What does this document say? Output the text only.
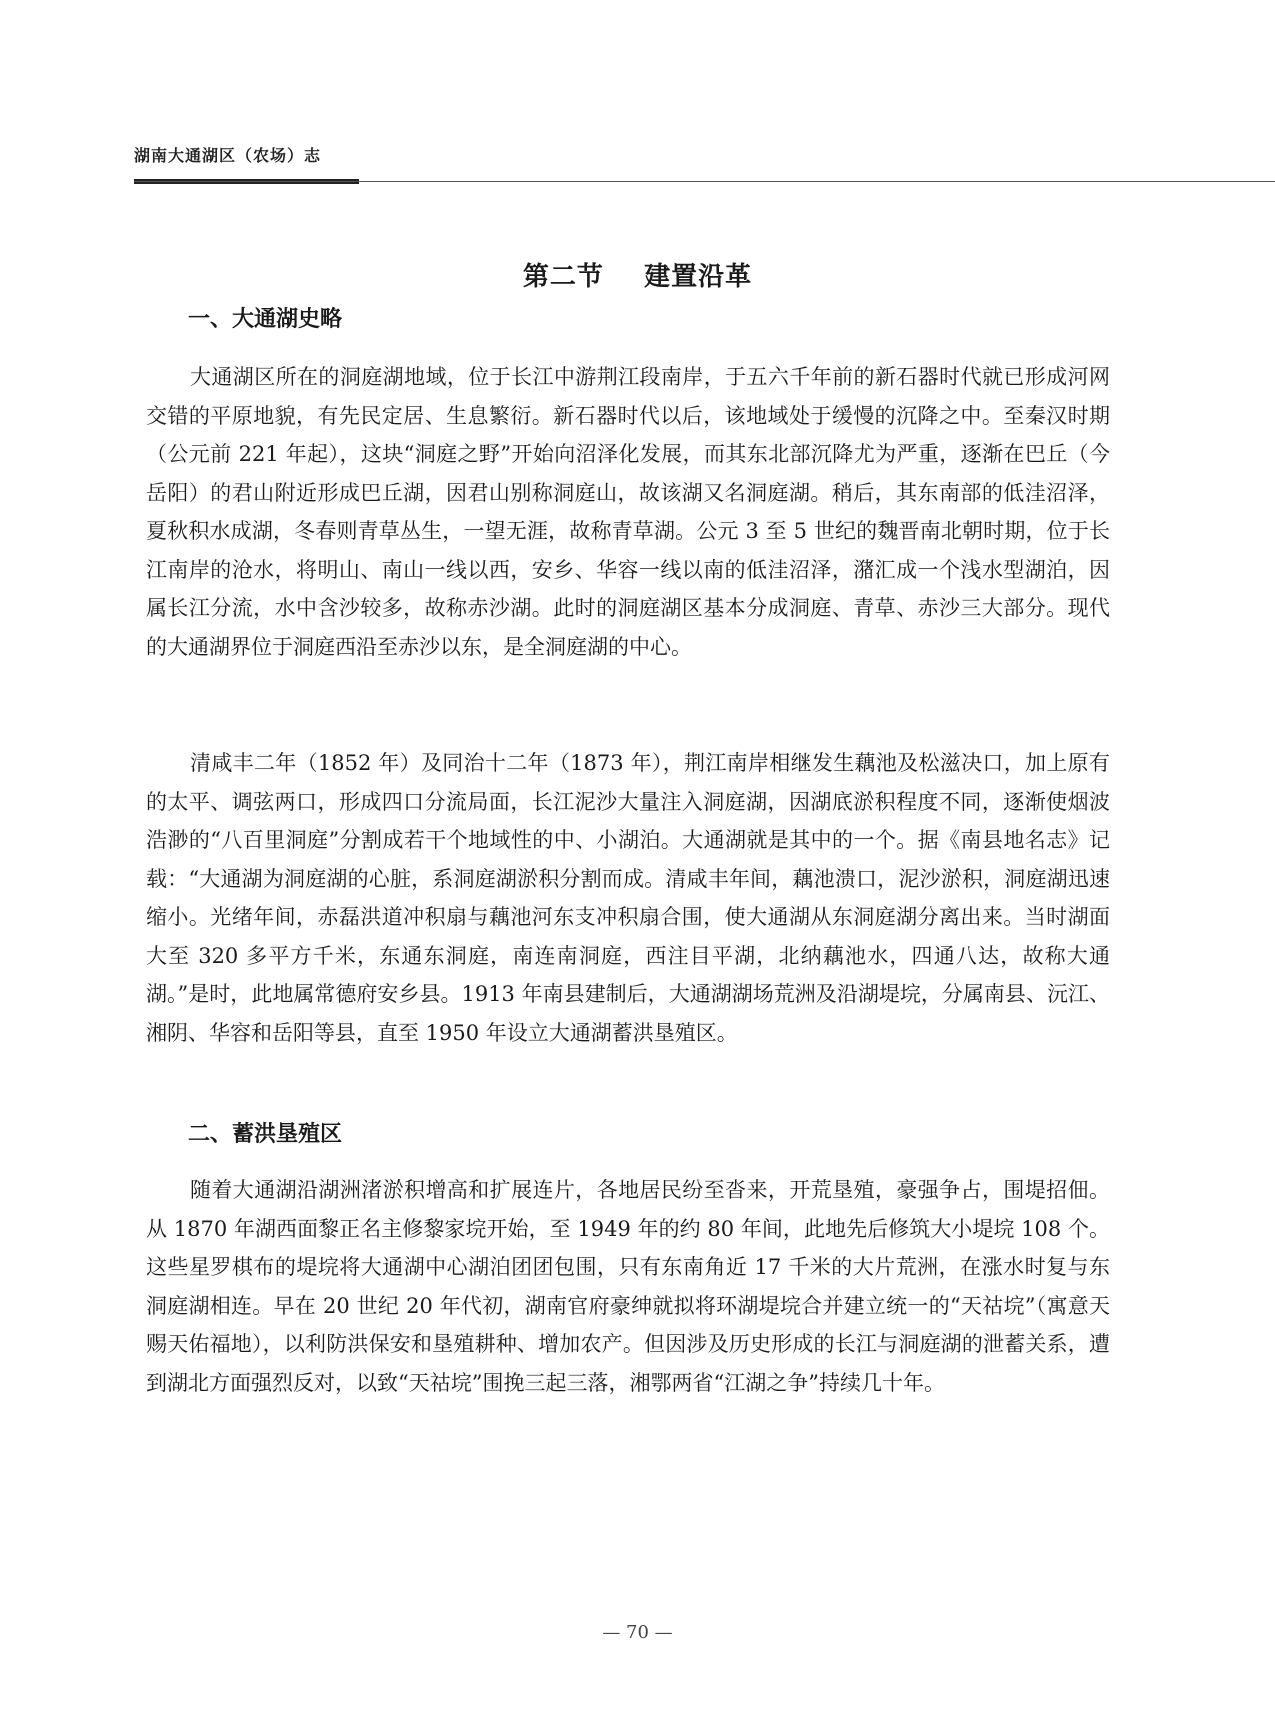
湖南大通湖区（农场）志
第二节    建置沿革
一、大通湖史略

大通湖区所在的洞庭湖地域，位于长江中游荆江段南岸，于五六千年前的新石器时代就已形成河网交错的平原地貌，有先民定居、生息繁衍。新石器时代以后，该地域处于缓慢的沉降之中。至秦汉时期（公元前 221 年起），这块“洞庭之野”开始向沼泽化发展，而其东北部沉降尤为严重，逐渐在巴丘（今岳阳）的君山附近形成巴丘湖，因君山别称洞庭山，故该湖又名洞庭湖。稍后，其东南部的低洼沼泽，夏秋积水成湖，冬春则青草丛生，一望无涯，故称青草湖。公元 3 至 5 世纪的魏晋南北朝时期，位于长江南岸的沧水，将明山、南山一线以西，安乡、华容一线以南的低洼沼泽，潴汇成一个浅水型湖泊，因属长江分流，水中含沙较多，故称赤沙湖。此时的洞庭湖区基本分成洞庭、青草、赤沙三大部分。现代的大通湖界位于洞庭西沿至赤沙以东，是全洞庭湖的中心。

清咸丰二年（1852 年）及同治十二年（1873 年），荆江南岸相继发生藕池及松滋决口，加上原有的太平、调弦两口，形成四口分流局面，长江泥沙大量注入洞庭湖，因湖底淤积程度不同，逐渐使烟波浩渺的“八百里洞庭”分割成若干个地域性的中、小湖泊。大通湖就是其中的一个。据《南县地名志》记载：“大通湖为洞庭湖的心脏，系洞庭湖淤积分割而成。清咸丰年间，藕池溃口，泥沙淤积，洞庭湖迅速缩小。光绪年间，赤磊洪道冲积扇与藕池河东支冲积扇合围，使大通湖从东洞庭湖分离出来。当时湖面大至 320 多平方千米，东通东洞庭，南连南洞庭，西注目平湖，北纳藕池水，四通八达，故称大通湖。”是时，此地属常德府安乡县。1913 年南县建制后，大通湖湖场荒洲及沿湖堤垸，分属南县、沅江、湘阴、华容和岳阳等县，直至 1950 年设立大通湖蓄洪垦殖区。

二、蓄洪垦殖区

随着大通湖沿湖洲渚淤积增高和扩展连片，各地居民纷至沓来，开荒垦殖，豪强争占，围堤招佃。从 1870 年湖西面黎正名主修黎家垸开始，至 1949 年的约 80 年间，此地先后修筑大小堤垸 108 个。这些星罗棋布的堤垸将大通湖中心湖泊团团包围，只有东南角近 17 千米的大片荒洲，在涨水时复与东洞庭湖相连。早在 20 世纪 20 年代初，湖南官府豪绅就拟将环湖堤垸合并建立统一的“天祜垸”（寓意天赐天佑福地），以利防洪保安和垦殖耕种、增加农产。但因涉及历史形成的长江与洞庭湖的泄蓄关系，遭到湖北方面强烈反对，以致“天祜垸”围挽三起三落，湘鄂两省“江湖之争”持续几十年。

— 70 —
